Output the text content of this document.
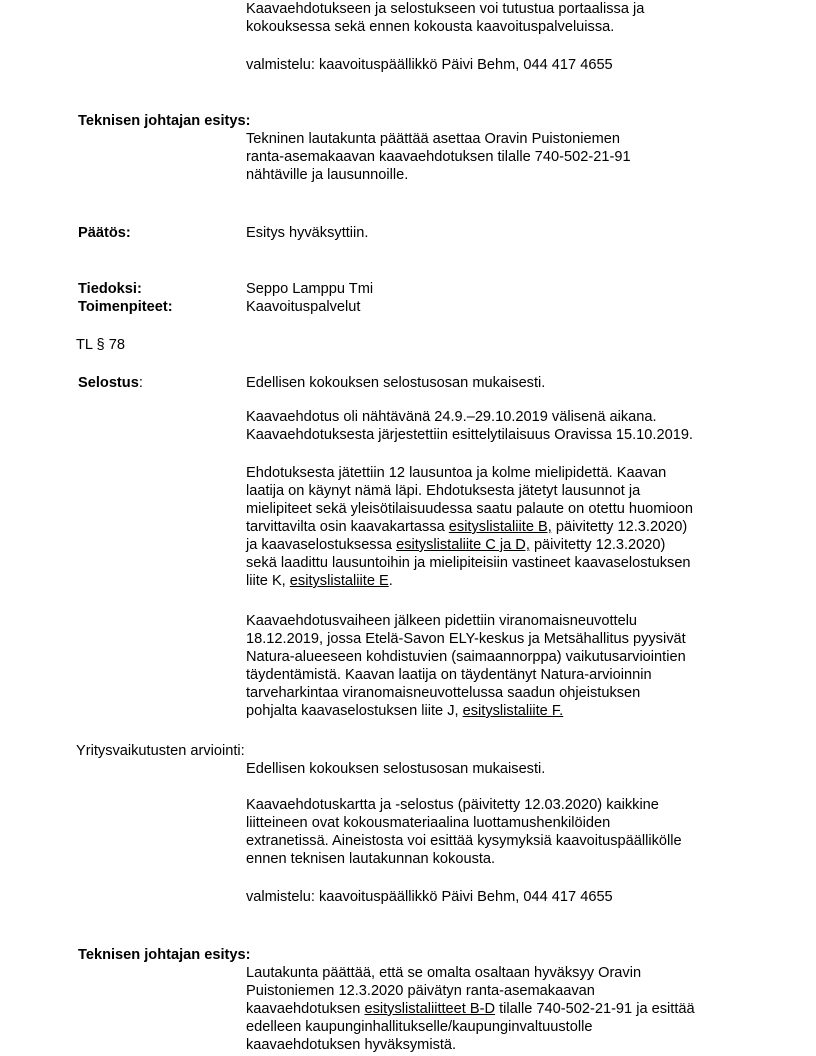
Kaavaehdotukseen ja selostukseen voi tutustua portaalissa ja
kokouksessa sekä ennen kokousta kaavoituspalveluissa.
valmistelu: kaavoituspäällikkö Päivi Behm, 044 417 4655
Teknisen johtajan esitys:
Tekninen lautakunta päättää asettaa Oravin Puistoniemen
ranta-asemakaavan kaavaehdotuksen tilalle 740-502-21-91
nähtäville ja lausunnoille.
Päätös:	Esitys hyväksyttiin.
Tiedoksi:	Seppo Lamppu Tmi
Toimenpiteet:	Kaavoituspalvelut
TL § 78
Selostus:	Edellisen kokouksen selostusosan mukaisesti.
Kaavaehdotus oli nähtävänä 24.9.–29.10.2019 välisenä aikana.
Kaavaehdotuksesta järjestettiin esittelytilaisuus Oravissa 15.10.2019.
Ehdotuksesta jätettiin 12 lausuntoa ja kolme mielipidettä. Kaavan
laatija on käynyt nämä läpi. Ehdotuksesta jätetyt lausunnot ja
mielipiteet sekä yleisötilaisuudessa saatu palaute on otettu huomioon
tarvittavilta osin kaavakartassa esityslistaliite B, päivitetty 12.3.2020)
ja kaavaselostuksessa esityslistaliite C ja D, päivitetty 12.3.2020)
sekä laadittu lausuntoihin ja mielipiteisiin vastineet kaavaselostuksen
liite K, esityslistaliite E.
Kaavaehdotusvaiheen jälkeen pidettiin viranomaisneuvottelu
18.12.2019, jossa Etelä-Savon ELY-keskus ja Metsähallitus pyysivät
Natura-alueeseen kohdistuvien (saimaannorppa) vaikutusarviointien
täydentämistä. Kaavan laatija on täydentänyt Natura-arvioinnin
tarveharkintaa viranomaisneuvottelussa saadun ohjeistuksen
pohjalta kaavaselostuksen liite J, esityslistaliite F.
Yritysvaikutusten arviointi:
Edellisen kokouksen selostusosan mukaisesti.
Kaavaehdotuskartta ja -selostus (päivitetty 12.03.2020) kaikkine
liitteineen ovat kokousmateriaalina luottamushenkilöiden
extranetissä. Aineistosta voi esittää kysymyksiä kaavoituspäällikölle
ennen teknisen lautakunnan kokousta.
valmistelu: kaavoituspäällikkö Päivi Behm, 044 417 4655
Teknisen johtajan esitys:
Lautakunta päättää, että se omalta osaltaan hyväksyy Oravin
Puistoniemen 12.3.2020 päivätyn ranta-asemakaavan
kaavaehdotuksen esityslistaliitteet B-D tilalle 740-502-21-91 ja esittää
edelleen kaupunginhallitukselle/kaupunginvaltuustolle
kaavaehdotuksen hyväksymistä.
